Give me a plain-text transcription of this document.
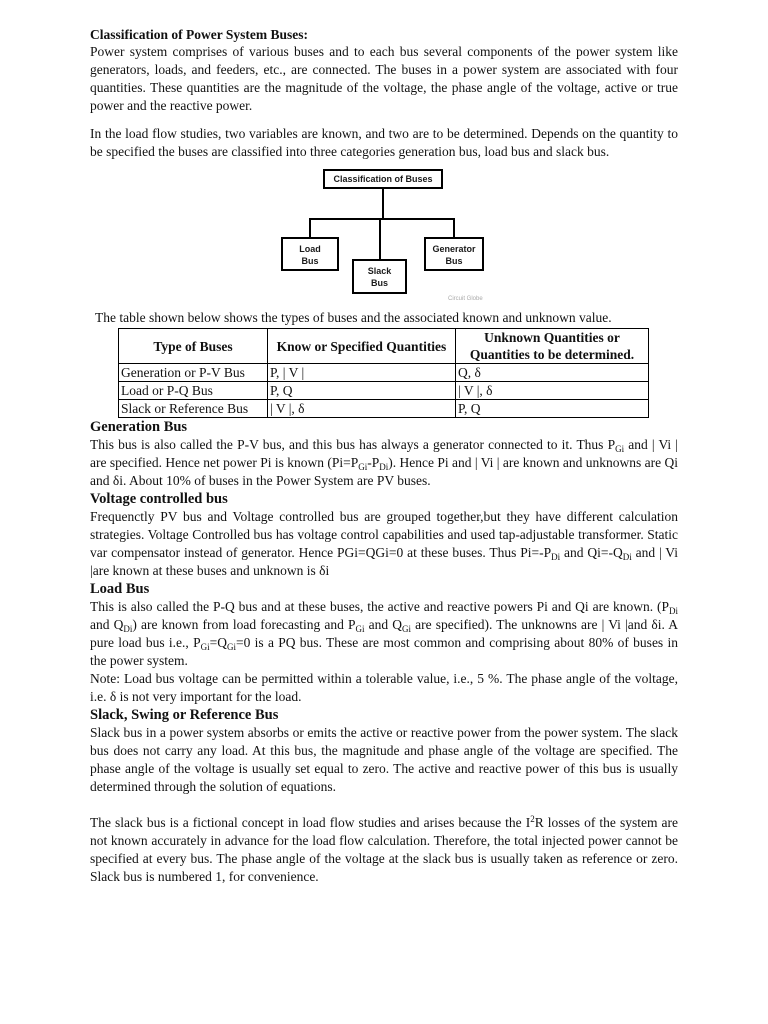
Classification of Power System Buses:

Power system comprises of various buses and to each bus several components of the power system like generators, loads, and feeders, etc., are connected. The buses in a power system are associated with four quantities. These quantities are the magnitude of the voltage, the phase angle of the voltage, active or true power and the reactive power.

In the load flow studies, two variables are known, and two are to be determined. Depends on the quantity to be specified the buses are classified into three categories generation bus, load bus and slack bus.

Classification of Buses
Load
Bus
Slack
Bus
Generator
Bus
Circuit Globe

The table shown below shows the types of buses and the associated known and unknown value.

Type of Buses	Know or Specified Quantities	Unknown Quantities or Quantities to be determined.
Generation or P-V Bus	P, | V |	Q, δ
Load or P-Q Bus	P, Q	| V |, δ
Slack or Reference Bus	| V |, δ	P, Q
Generation Bus

This bus is also called the P-V bus, and this bus has always a generator connected to it. Thus $P_{Gi}$ and | Vi | are specified. Hence net power Pi is known $(Pi=P_{Gi}-P_{Di})$. Hence Pi and | Vi | are known and unknowns are Qi and δi. About 10% of buses in the Power System are PV buses.

Voltage controlled bus

Frequenctly PV bus and Voltage controlled bus are grouped together,but they have different calculation strategies. Voltage Controlled bus has voltage control capabilities and used tap-adjustable transformer. Static var compensator instead of generator. Hence PGi=QGi=0 at these buses. Thus $Pi=-P_{Di}$ and $Qi=-Q_{Di}$ and | Vi |are known at these buses and unknown is δi

Load Bus

This is also called the P-Q bus and at these buses, the active and reactive powers Pi and Qi are known. ($P_{Di}$ and $Q_{Di}$) are known from load forecasting and $P_{Gi}$ and $Q_{Gi}$ are specified). The unknowns are | Vi |and δi. A pure load bus i.e., $P_{Gi}=Q_{Gi}=0$ is a PQ bus. These are most common and comprising about 80% of buses in the power system.

Note: Load bus voltage can be permitted within a tolerable value, i.e., 5 %. The phase angle of the voltage, i.e. δ is not very important for the load.

Slack, Swing or Reference Bus

Slack bus in a power system absorbs or emits the active or reactive power from the power system. The slack bus does not carry any load. At this bus, the magnitude and phase angle of the voltage are specified. The phase angle of the voltage is usually set equal to zero. The active and reactive power of this bus is usually determined through the solution of equations.

The slack bus is a fictional concept in load flow studies and arises because the $I^2R$ losses of the system are not known accurately in advance for the load flow calculation. Therefore, the total injected power cannot be specified at every bus. The phase angle of the voltage at the slack bus is usually taken as reference or zero. Slack bus is numbered 1, for convenience.
